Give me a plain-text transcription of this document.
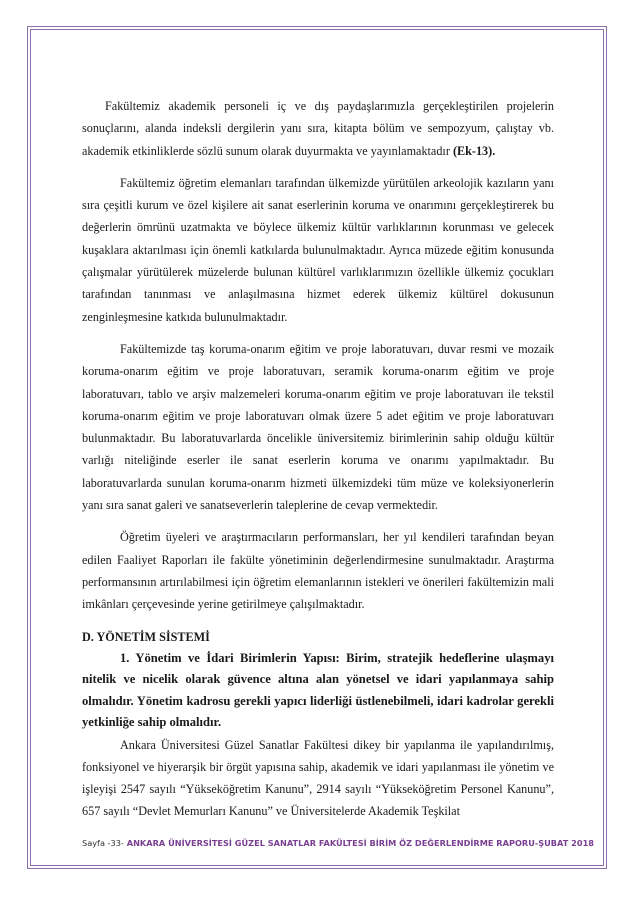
Fakültemiz akademik personeli iç ve dış paydaşlarımızla gerçekleştirilen projelerin sonuçlarını, alanda indeksli dergilerin yanı sıra, kitapta bölüm ve sempozyum, çalıştay vb. akademik etkinliklerde sözlü sunum olarak duyurmakta ve yayınlamaktadır (Ek-13).

Fakültemiz öğretim elemanları tarafından ülkemizde yürütülen arkeolojik kazıların yanı sıra çeşitli kurum ve özel kişilere ait sanat eserlerinin koruma ve onarımını gerçekleştirerek bu değerlerin ömrünü uzatmakta ve böylece ülkemiz kültür varlıklarının korunması ve gelecek kuşaklara aktarılması için önemli katkılarda bulunulmaktadır. Ayrıca müzede eğitim konusunda çalışmalar yürütülerek müzelerde bulunan kültürel varlıklarımızın özellikle ülkemiz çocukları tarafından tanınması ve anlaşılmasına hizmet ederek ülkemiz kültürel dokusunun zenginleşmesine katkıda bulunulmaktadır.

Fakültemizde taş koruma-onarım eğitim ve proje laboratuvarı, duvar resmi ve mozaik koruma-onarım eğitim ve proje laboratuvarı, seramik koruma-onarım eğitim ve proje laboratuvarı, tablo ve arşiv malzemeleri koruma-onarım eğitim ve proje laboratuvarı ile tekstil koruma-onarım eğitim ve proje laboratuvarı olmak üzere 5 adet eğitim ve proje laboratuvarı bulunmaktadır. Bu laboratuvarlarda öncelikle üniversitemiz birimlerinin sahip olduğu kültür varlığı niteliğinde eserler ile sanat eserlerin koruma ve onarımı yapılmaktadır. Bu laboratuvarlarda sunulan koruma-onarım hizmeti ülkemizdeki tüm müze ve koleksiyonerlerin yanı sıra sanat galeri ve sanatseverlerin taleplerine de cevap vermektedir.

Öğretim üyeleri ve araştırmacıların performansları, her yıl kendileri tarafından beyan edilen Faaliyet Raporları ile fakülte yönetiminin değerlendirmesine sunulmaktadır. Araştırma performansının artırılabilmesi için öğretim elemanlarının istekleri ve önerileri fakültemizin mali imkânları çerçevesinde yerine getirilmeye çalışılmaktadır.

D. YÖNETİM SİSTEMİ

1. Yönetim ve İdari Birimlerin Yapısı: Birim, stratejik hedeflerine ulaşmayı nitelik ve nicelik olarak güvence altına alan yönetsel ve idari yapılanmaya sahip olmalıdır. Yönetim kadrosu gerekli yapıcı liderliği üstlenebilmeli, idari kadrolar gerekli yetkinliğe sahip olmalıdır.

Ankara Üniversitesi Güzel Sanatlar Fakültesi dikey bir yapılanma ile yapılandırılmış, fonksiyonel ve hiyerarşik bir örgüt yapısına sahip, akademik ve idari yapılanması ile yönetim ve işleyişi 2547 sayılı “Yükseköğretim Kanunu”, 2914 sayılı “Yükseköğretim Personel Kanunu”, 657 sayılı “Devlet Memurları Kanunu” ve Üniversitelerde Akademik Teşkilat

Sayfa -33- ANKARA ÜNİVERSİTESİ GÜZEL SANATLAR FAKÜLTESİ BİRİM ÖZ DEĞERLENDİRME RAPORU-ŞUBAT 2018
